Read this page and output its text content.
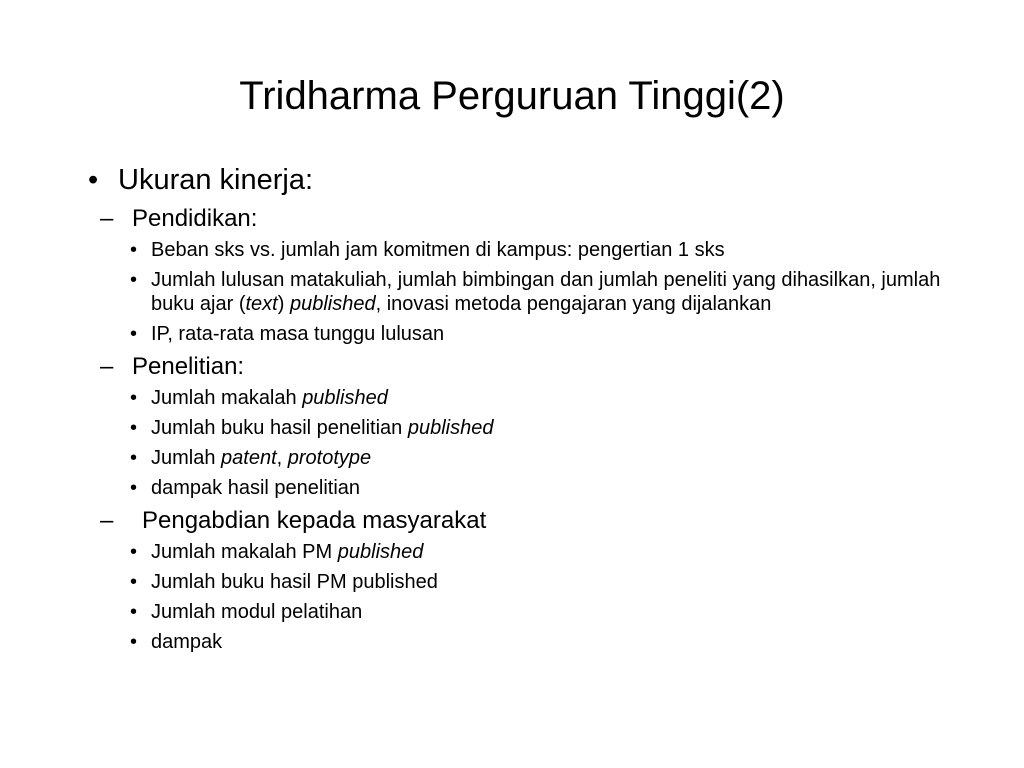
Tridharma Perguruan Tinggi(2)
• Ukuran kinerja:
– Pendidikan:
• Beban sks vs. jumlah jam komitmen di kampus: pengertian 1 sks
• Jumlah lulusan matakuliah, jumlah bimbingan dan jumlah peneliti yang dihasilkan, jumlah buku ajar (text) published, inovasi metoda pengajaran yang dijalankan
• IP, rata-rata masa tunggu lulusan
– Penelitian:
• Jumlah makalah published
• Jumlah buku hasil penelitian published
• Jumlah patent, prototype
• dampak hasil penelitian
– Pengabdian kepada masyarakat
• Jumlah makalah PM published
• Jumlah buku hasil PM published
• Jumlah modul pelatihan
• dampak
